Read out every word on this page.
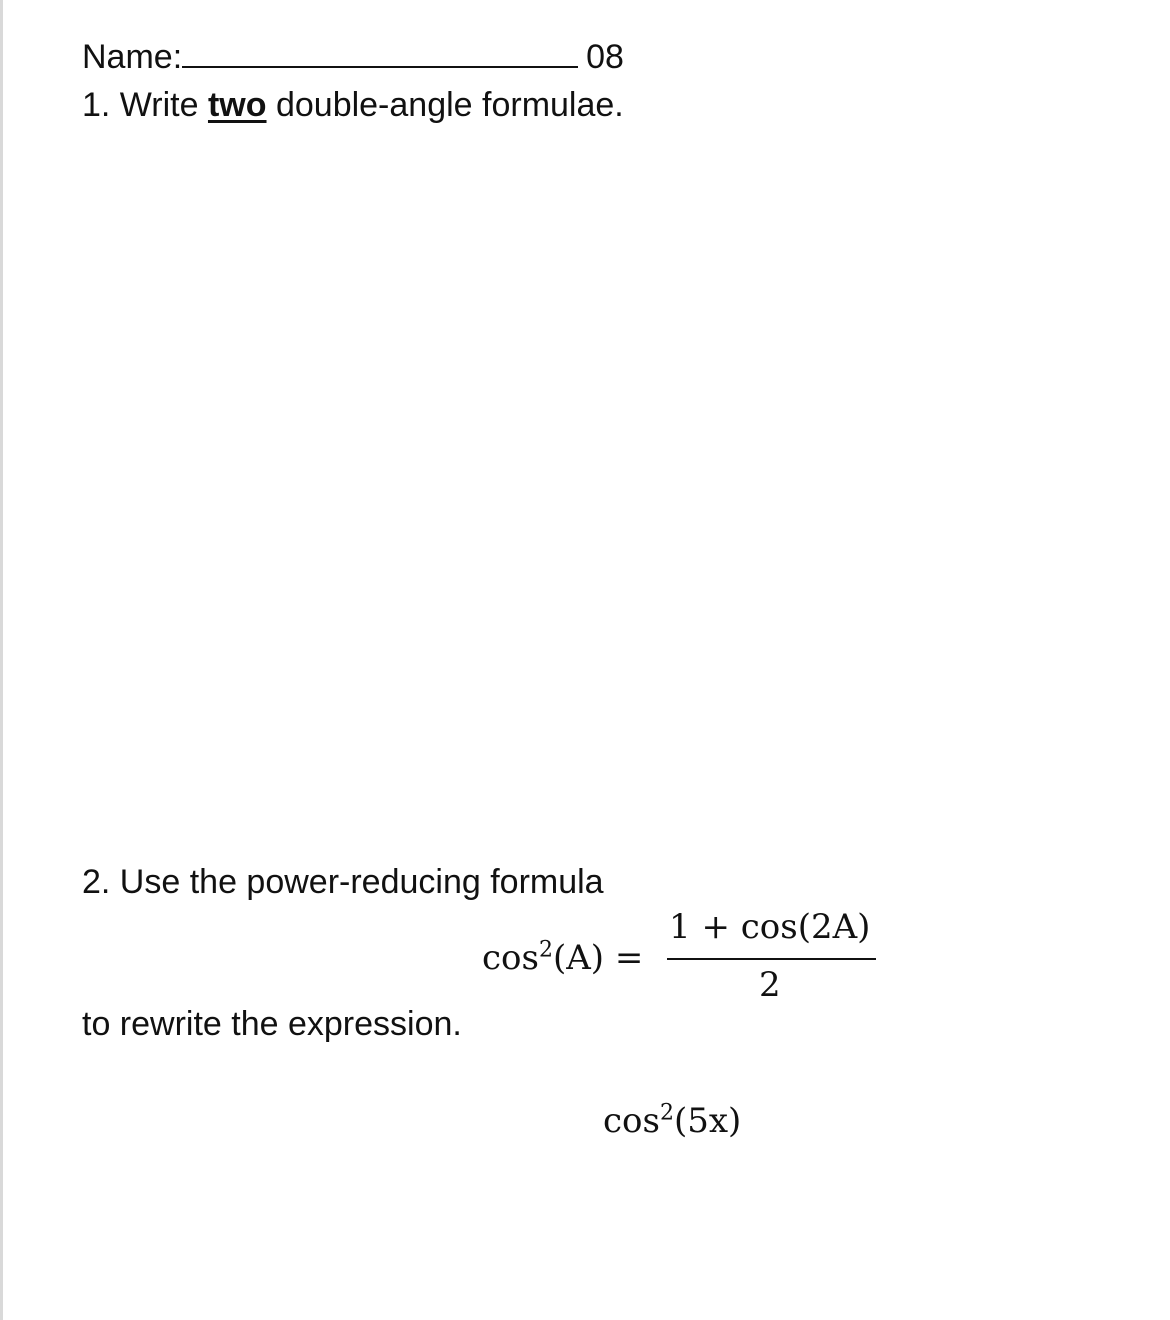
Name:	08
1. Write two double-angle formulae.
2. Use the power-reducing formula
$\cos^2(A)$ =
1 + cos(2A)
2
to rewrite the expression.
$\cos^2(5x)$
